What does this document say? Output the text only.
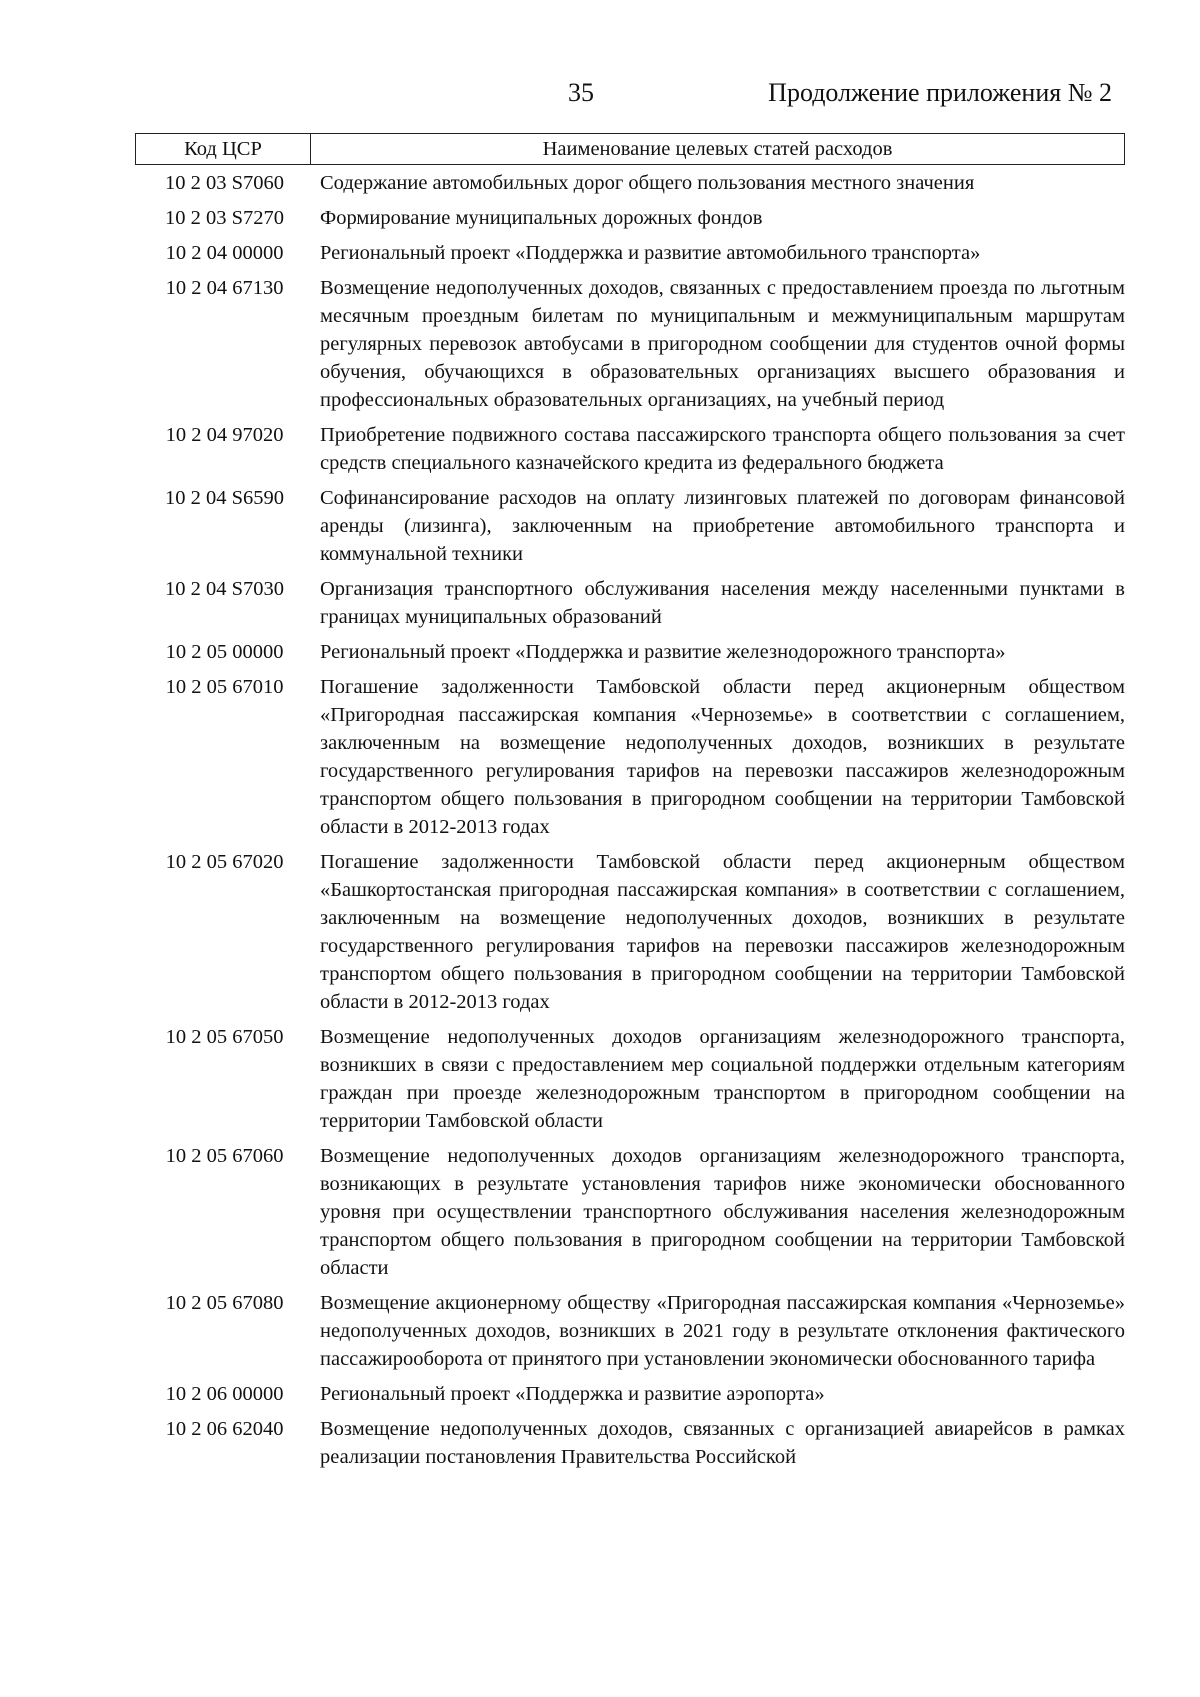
35	Продолжение приложения № 2
Код ЦСР	Наименование целевых статей расходов
10 2 03 S7060	Содержание автомобильных дорог общего пользования местного значения
10 2 03 S7270	Формирование муниципальных дорожных фондов
10 2 04 00000	Региональный проект «Поддержка и развитие автомобильного транспорта»
10 2 04 67130	Возмещение недополученных доходов, связанных с предоставлением проезда по льготным месячным проездным билетам по муниципальным и межмуниципальным маршрутам регулярных перевозок автобусами в пригородном сообщении для студентов очной формы обучения, обучающихся в образовательных организациях высшего образования и профессиональных образовательных организациях, на учебный период
10 2 04 97020	Приобретение подвижного состава пассажирского транспорта общего пользования за счет средств специального казначейского кредита из федерального бюджета
10 2 04 S6590	Софинансирование расходов на оплату лизинговых платежей по договорам финансовой аренды (лизинга), заключенным на приобретение автомобильного транспорта и коммунальной техники
10 2 04 S7030	Организация транспортного обслуживания населения между населенными пунктами в границах муниципальных образований
10 2 05 00000	Региональный проект «Поддержка и развитие железнодорожного транспорта»
10 2 05 67010	Погашение задолженности Тамбовской области перед акционерным обществом «Пригородная пассажирская компания «Черноземье» в соответствии с соглашением, заключенным на возмещение недополученных доходов, возникших в результате государственного регулирования тарифов на перевозки пассажиров железнодорожным транспортом общего пользования в пригородном сообщении на территории Тамбовской области в 2012-2013 годах
10 2 05 67020	Погашение задолженности Тамбовской области перед акционерным обществом «Башкортостанская пригородная пассажирская компания» в соответствии с соглашением, заключенным на возмещение недополученных доходов, возникших в результате государственного регулирования тарифов на перевозки пассажиров железнодорожным транспортом общего пользования в пригородном сообщении на территории Тамбовской области в 2012-2013 годах
10 2 05 67050	Возмещение недополученных доходов организациям железнодорожного транспорта, возникших в связи с предоставлением мер социальной поддержки отдельным категориям граждан при проезде железнодорожным транспортом в пригородном сообщении на территории Тамбовской области
10 2 05 67060	Возмещение недополученных доходов организациям железнодорожного транспорта, возникающих в результате установления тарифов ниже экономически обоснованного уровня при осуществлении транспортного обслуживания населения железнодорожным транспортом общего пользования в пригородном сообщении на территории Тамбовской области
10 2 05 67080	Возмещение акционерному обществу «Пригородная пассажирская компания «Черноземье» недополученных доходов, возникших в 2021 году в результате отклонения фактического пассажирооборота от принятого при установлении экономически обоснованного тарифа
10 2 06 00000	Региональный проект «Поддержка и развитие аэропорта»
10 2 06 62040	Возмещение недополученных доходов, связанных с организацией авиарейсов в рамках реализации постановления Правительства Российской
